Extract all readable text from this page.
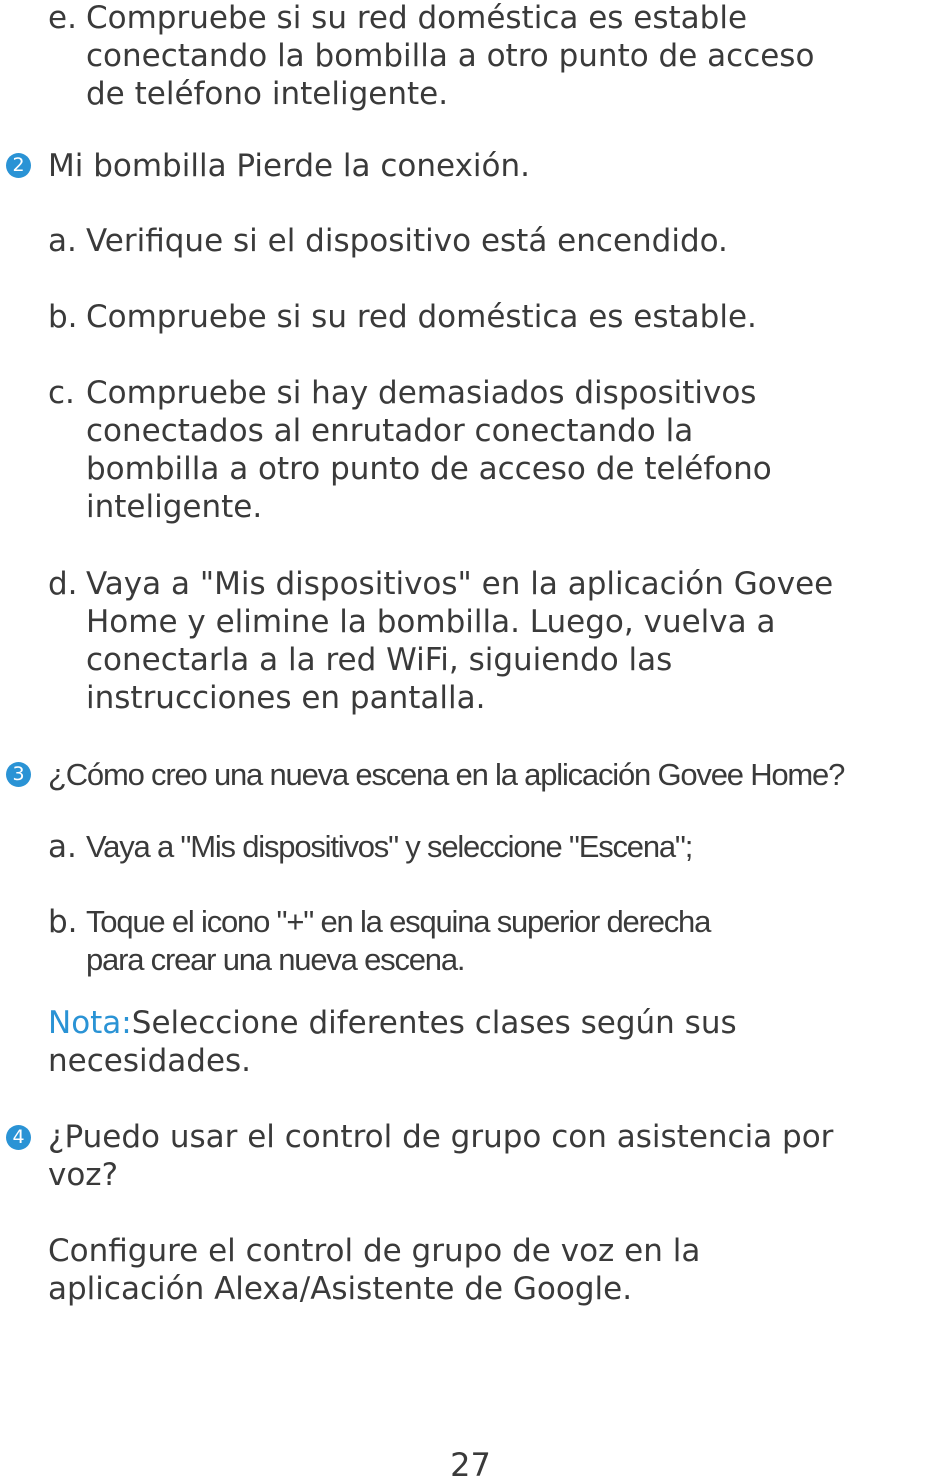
e. Compruebe si su red doméstica es estable
conectando la bombilla a otro punto de acceso
de teléfono inteligente.
2 Mi bombilla Pierde la conexión.
a. Verifique si el dispositivo está encendido.
b. Compruebe si su red doméstica es estable.
c. Compruebe si hay demasiados dispositivos
conectados al enrutador conectando la
bombilla a otro punto de acceso de teléfono
inteligente.
d. Vaya a "Mis dispositivos" en la aplicación Govee
Home y elimine la bombilla. Luego, vuelva a
conectarla a la red WiFi, siguiendo las
instrucciones en pantalla.
3 ¿Cómo creo una nueva escena en la aplicación Govee Home?
a. Vaya a "Mis dispositivos" y seleccione "Escena";
b. Toque el icono "+" en la esquina superior derecha
para crear una nueva escena.
Nota:Seleccione diferentes clases según sus
necesidades.
4 ¿Puedo usar el control de grupo con asistencia por
voz?
Configure el control de grupo de voz en la
aplicación Alexa/Asistente de Google.
27
